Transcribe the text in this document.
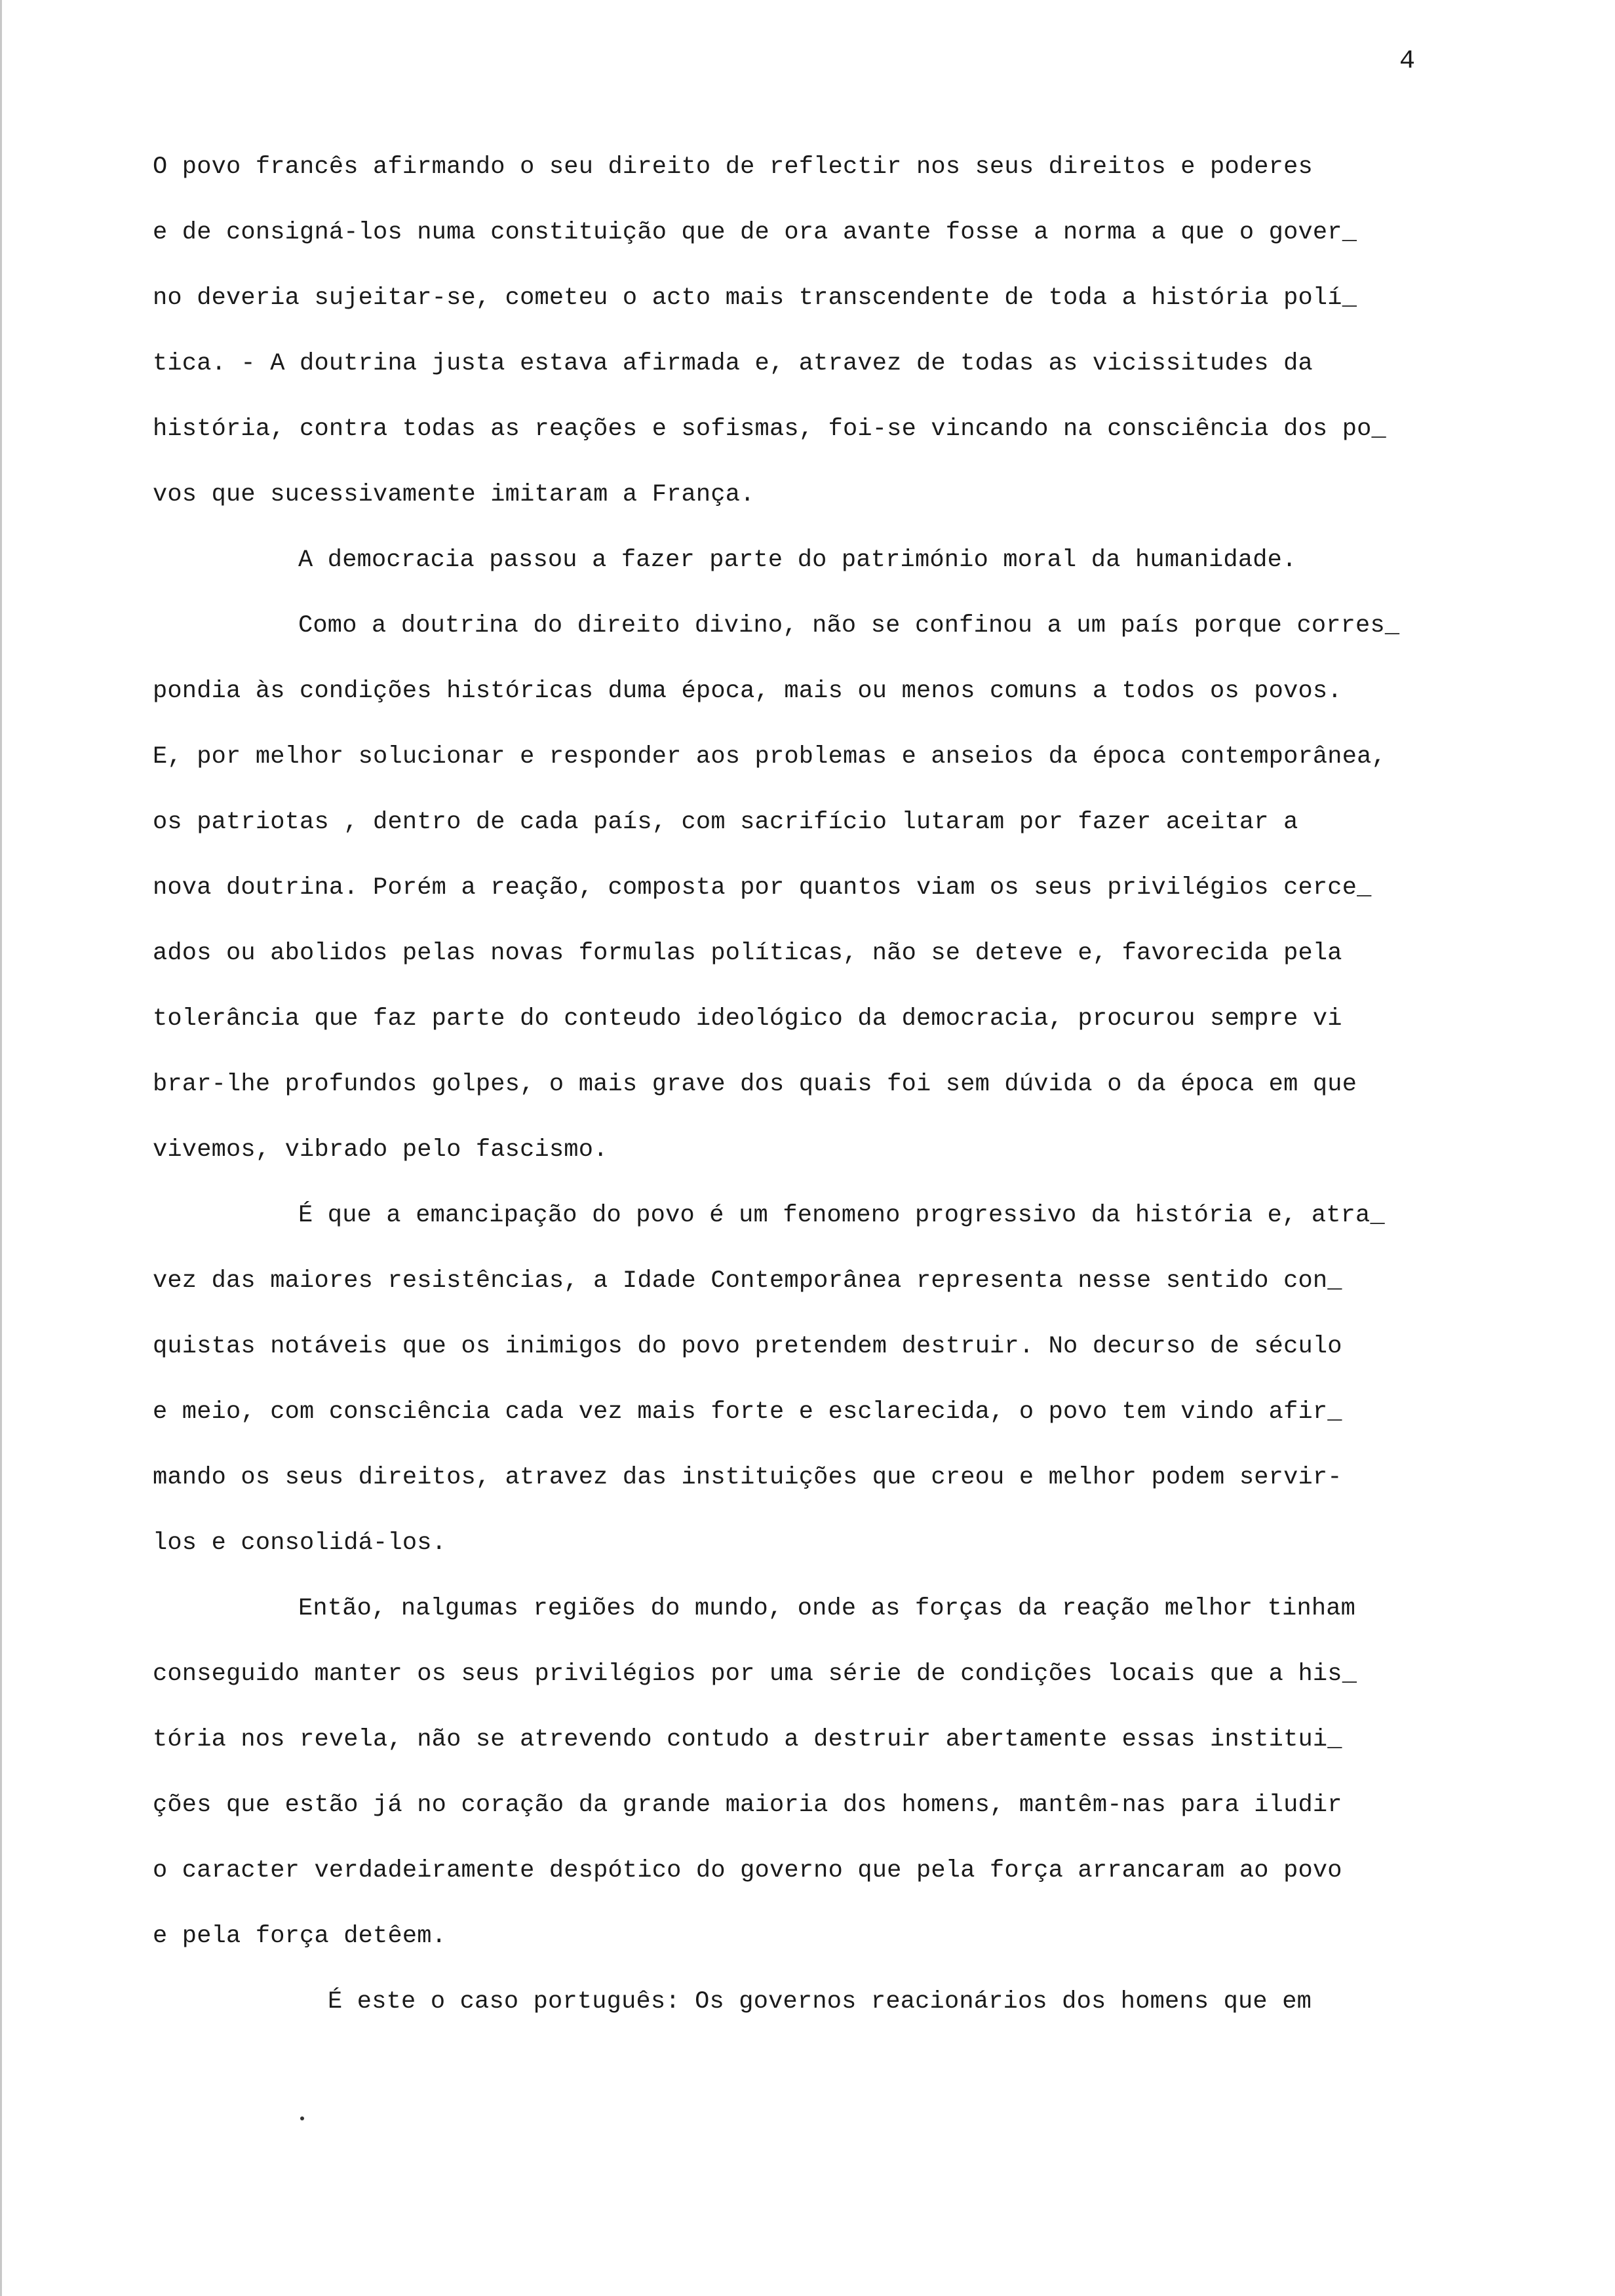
4
O povo francês afirmando o seu direito de reflectir nos seus direitos e poderes
e de consigná-los numa constituição que de ora avante fosse a norma a que o gover_
no deveria sujeitar-se, cometeu o acto mais transcendente de toda a história polí_
tica. - A doutrina justa estava afirmada e, atravez de todas as vicissitudes da
história, contra todas as reações e sofismas, foi-se vincando na consciência dos po_
vos que sucessivamente imitaram a França.
A democracia passou a fazer parte do património moral da humanidade.
Como a doutrina do direito divino, não se confinou a um país porque corres_
pondia às condições históricas duma época, mais ou menos comuns a todos os povos.
E, por melhor solucionar e responder aos problemas e anseios da época contemporânea,
os patriotas , dentro de cada país, com sacrifício lutaram por fazer aceitar a
nova doutrina. Porém a reação, composta por quantos viam os seus privilégios cerce_
ados ou abolidos pelas novas formulas políticas, não se deteve e, favorecida pela
tolerância que faz parte do conteudo ideológico da democracia, procurou sempre vi
brar-lhe profundos golpes, o mais grave dos quais foi sem dúvida o da época em que
vivemos, vibrado pelo fascismo.
É que a emancipação do povo é um fenomeno progressivo da história e, atra_
vez das maiores resistências, a Idade Contemporânea representa nesse sentido con_
quistas notáveis que os inimigos do povo pretendem destruir. No decurso de século
e meio, com consciência cada vez mais forte e esclarecida, o povo tem vindo afir_
mando os seus direitos, atravez das instituições que creou e melhor podem servir-
los e consolidá-los.
Então, nalgumas regiões do mundo, onde as forças da reação melhor tinham
conseguido manter os seus privilégios por uma série de condições locais que a his_
tória nos revela, não se atrevendo contudo a destruir abertamente essas institui_
ções que estão já no coração da grande maioria dos homens, mantêm-nas para iludir
o caracter verdadeiramente despótico do governo que pela força arrancaram ao povo
e pela força detêem.
É este o caso português: Os governos reacionários dos homens que em
